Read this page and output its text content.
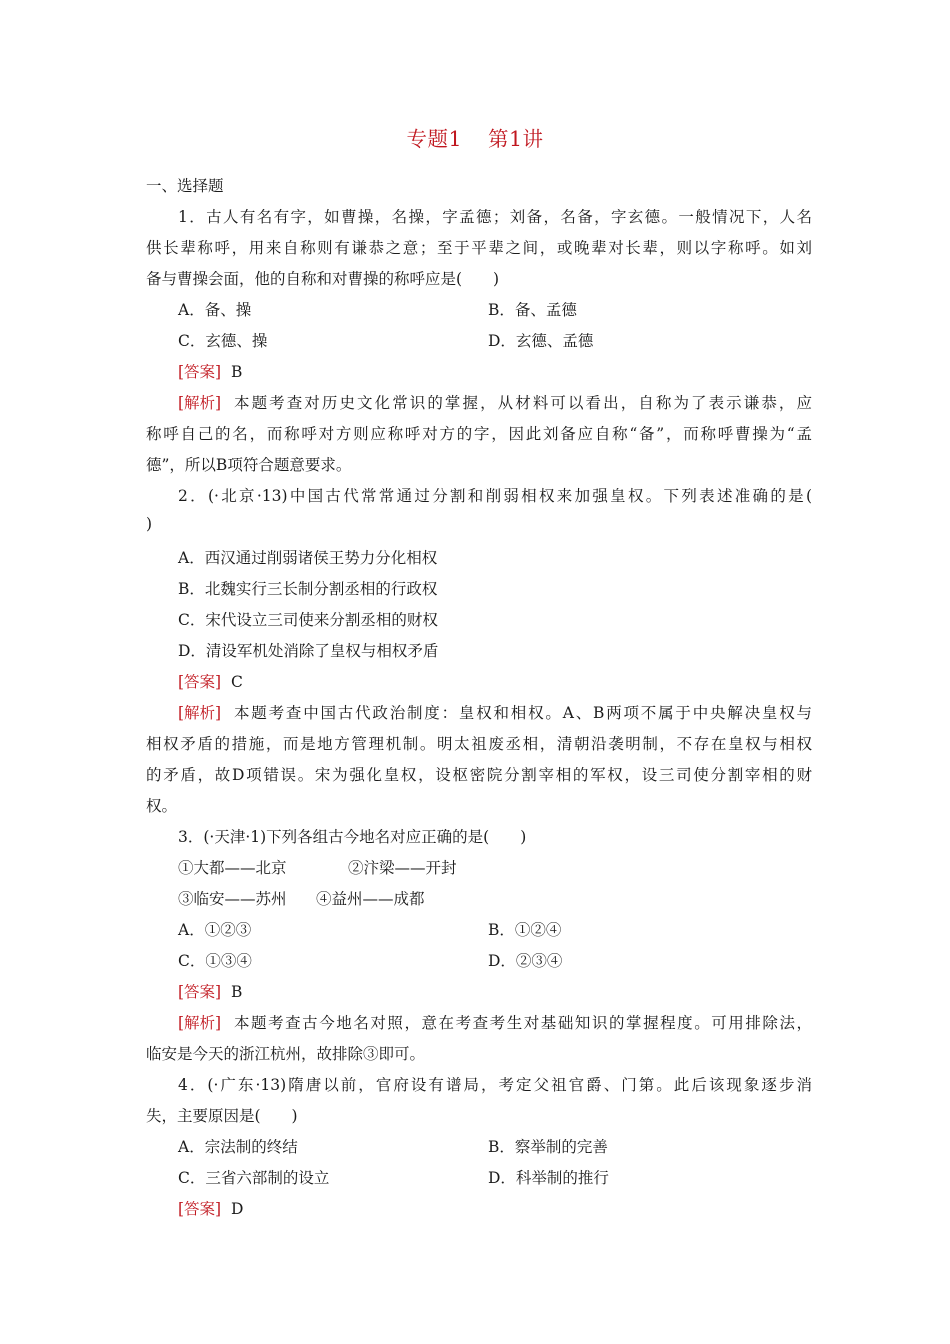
专题1 第1讲
一、选择题
1．古人有名有字，如曹操，名操，字孟德；刘备，名备，字玄德。一般情况下，人名
供长辈称呼，用来自称则有谦恭之意；至于平辈之间，或晚辈对长辈，则以字称呼。如刘
备与曹操会面，他的自称和对曹操的称呼应是(　　)
A．备、操	B．备、孟德
C．玄德、操	D．玄德、孟德
[答案] B
[解析] 本题考查对历史文化常识的掌握，从材料可以看出，自称为了表示谦恭，应
称呼自己的名，而称呼对方则应称呼对方的字，因此刘备应自称“备”，而称呼曹操为“孟
德”，所以B项符合题意要求。
2．(·北京·13)中国古代常常通过分割和削弱相权来加强皇权。下列表述准确的是(
)
A．西汉通过削弱诸侯王势力分化相权
B．北魏实行三长制分割丞相的行政权
C．宋代设立三司使来分割丞相的财权
D．清设军机处消除了皇权与相权矛盾
[答案] C
[解析] 本题考查中国古代政治制度：皇权和相权。A、B两项不属于中央解决皇权与
相权矛盾的措施，而是地方管理机制。明太祖废丞相，清朝沿袭明制，不存在皇权与相权
的矛盾，故D项错误。宋为强化皇权，设枢密院分割宰相的军权，设三司使分割宰相的财
权。
3．(·天津·1)下列各组古今地名对应正确的是(　　)
①大都——北京	②汴梁——开封
③临安——苏州 ④益州——成都
A．①②③	B．①②④
C．①③④	D．②③④
[答案] B
[解析] 本题考查古今地名对照，意在考查考生对基础知识的掌握程度。可用排除法，
临安是今天的浙江杭州，故排除③即可。
4．(·广东·13)隋唐以前，官府设有谱局，考定父祖官爵、门第。此后该现象逐步消
失，主要原因是(　　)
A．宗法制的终结	B．察举制的完善
C．三省六部制的设立	D．科举制的推行
[答案] D
